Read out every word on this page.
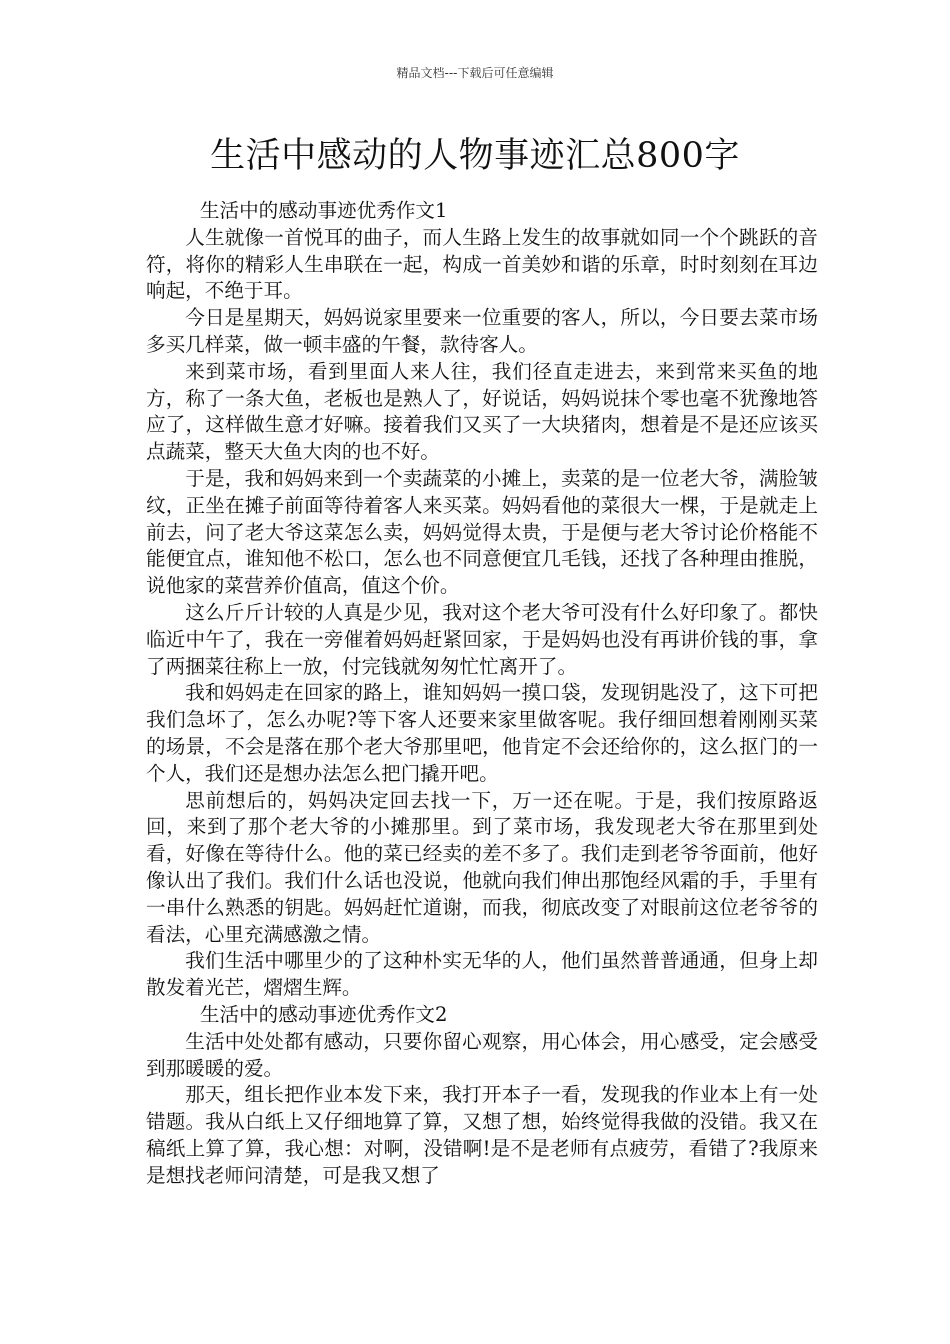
精品文档---下载后可任意编辑
生活中感动的人物事迹汇总800字

生活中的感动事迹优秀作文1

人生就像一首悦耳的曲子，而人生路上发生的故事就如同一个个跳跃的音符，将你的精彩人生串联在一起，构成一首美妙和谐的乐章，时时刻刻在耳边响起，不绝于耳。

今日是星期天，妈妈说家里要来一位重要的客人，所以，今日要去菜市场多买几样菜，做一顿丰盛的午餐，款待客人。

来到菜市场，看到里面人来人往，我们径直走进去，来到常来买鱼的地方，称了一条大鱼，老板也是熟人了，好说话，妈妈说抹个零也毫不犹豫地答应了，这样做生意才好嘛。接着我们又买了一大块猪肉，想着是不是还应该买点蔬菜，整天大鱼大肉的也不好。

于是，我和妈妈来到一个卖蔬菜的小摊上，卖菜的是一位老大爷，满脸皱纹，正坐在摊子前面等待着客人来买菜。妈妈看他的菜很大一棵，于是就走上前去，问了老大爷这菜怎么卖，妈妈觉得太贵，于是便与老大爷讨论价格能不能便宜点，谁知他不松口，怎么也不同意便宜几毛钱，还找了各种理由推脱，说他家的菜营养价值高，值这个价。

这么斤斤计较的人真是少见，我对这个老大爷可没有什么好印象了。都快临近中午了，我在一旁催着妈妈赶紧回家，于是妈妈也没有再讲价钱的事，拿了两捆菜往称上一放，付完钱就匆匆忙忙离开了。

我和妈妈走在回家的路上，谁知妈妈一摸口袋，发现钥匙没了，这下可把我们急坏了，怎么办呢?等下客人还要来家里做客呢。我仔细回想着刚刚买菜的场景，不会是落在那个老大爷那里吧，他肯定不会还给你的，这么抠门的一个人，我们还是想办法怎么把门撬开吧。

思前想后的，妈妈决定回去找一下，万一还在呢。于是，我们按原路返回，来到了那个老大爷的小摊那里。到了菜市场，我发现老大爷在那里到处看，好像在等待什么。他的菜已经卖的差不多了。我们走到老爷爷面前，他好像认出了我们。我们什么话也没说，他就向我们伸出那饱经风霜的手，手里有一串什么熟悉的钥匙。妈妈赶忙道谢，而我，彻底改变了对眼前这位老爷爷的看法，心里充满感激之情。

我们生活中哪里少的了这种朴实无华的人，他们虽然普普通通，但身上却散发着光芒，熠熠生辉。

生活中的感动事迹优秀作文2

生活中处处都有感动，只要你留心观察，用心体会，用心感受，定会感受到那暖暖的爱。

那天，组长把作业本发下来，我打开本子一看，发现我的作业本上有一处错题。我从白纸上又仔细地算了算，又想了想，始终觉得我做的没错。我又在稿纸上算了算，我心想：对啊，没错啊!是不是老师有点疲劳，看错了?我原来是想找老师问清楚，可是我又想了
